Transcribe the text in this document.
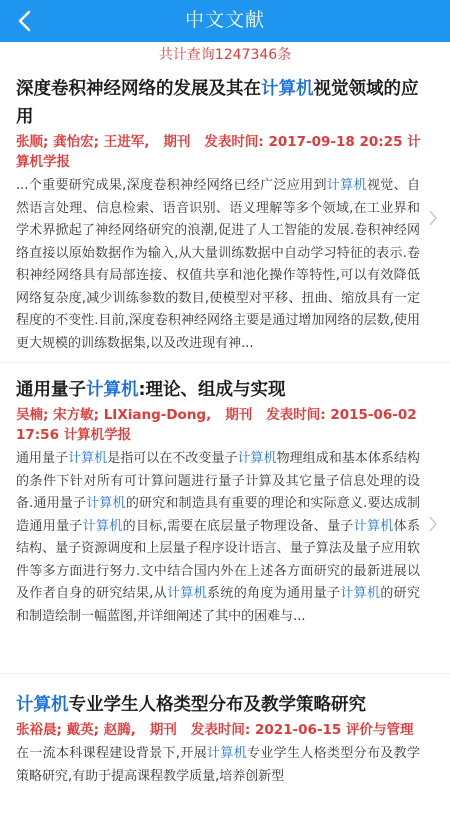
中文文献
共计查询1247346条
深度卷积神经网络的发展及其在计算机视觉领域的应用
张顺; 龚怡宏; 王进军, 期刊 发表时间: 2017-09-18 20:25 计算机学报
...个重要研究成果,深度卷积神经网络已经广泛应用到计算机视觉、自然语言处理、信息检索、语音识别、语义理解等多个领域,在工业界和学术界掀起了神经网络研究的浪潮,促进了人工智能的发展.卷积神经网络直接以原始数据作为输入,从大量训练数据中自动学习特征的表示.卷积神经网络具有局部连接、权值共享和池化操作等特性,可以有效降低网络复杂度,减少训练参数的数目,使模型对平移、扭曲、缩放具有一定程度的不变性.目前,深度卷积神经网络主要是通过增加网络的层数,使用更大规模的训练数据集,以及改进现有神...
通用量子计算机:理论、组成与实现
吴楠; 宋方敏; LIXiang-Dong, 期刊 发表时间: 2015-06-02 17:56 计算机学报
通用量子计算机是指可以在不改变量子计算机物理组成和基本体系结构的条件下针对所有可计算问题进行量子计算及其它量子信息处理的设备.通用量子计算机的研究和制造具有重要的理论和实际意义.要达成制造通用量子计算机的目标,需要在底层量子物理设备、量子计算机体系结构、量子资源调度和上层量子程序设计语言、量子算法及量子应用软件等多方面进行努力.文中结合国内外在上述各方面研究的最新进展以及作者自身的研究结果,从计算机系统的角度为通用量子计算机的研究和制造绘制一幅蓝图,并详细阐述了其中的困难与...
计算机专业学生人格类型分布及教学策略研究
张裕晨; 戴英; 赵腾, 期刊 发表时间: 2021-06-15 评价与管理
在一流本科课程建设背景下,开展计算机专业学生人格类型分布及教学策略研究,有助于提高课程教学质量,培养创新型
